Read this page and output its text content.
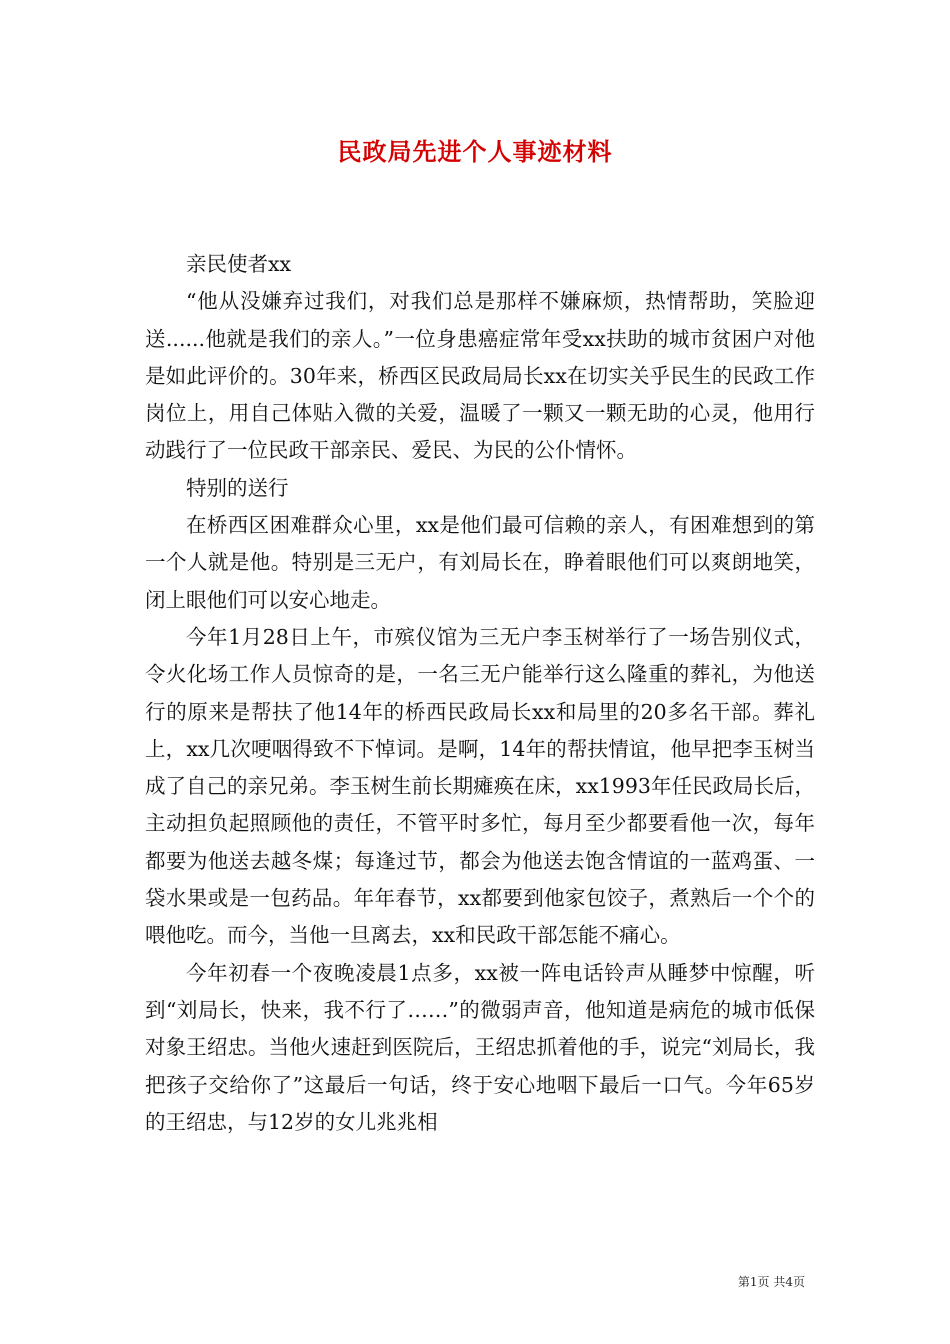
民政局先进个人事迹材料

亲民使者xx

“他从没嫌弃过我们，对我们总是那样不嫌麻烦，热情帮助，笑脸迎送......他就是我们的亲人。”一位身患癌症常年受xx扶助的城市贫困户对他是如此评价的。30年来，桥西区民政局局长xx在切实关乎民生的民政工作岗位上，用自己体贴入微的关爱，温暖了一颗又一颗无助的心灵，他用行动践行了一位民政干部亲民、爱民、为民的公仆情怀。

特别的送行

在桥西区困难群众心里，xx是他们最可信赖的亲人，有困难想到的第一个人就是他。特别是三无户，有刘局长在，睁着眼他们可以爽朗地笑，闭上眼他们可以安心地走。

今年1月28日上午，市殡仪馆为三无户李玉树举行了一场告别仪式，令火化场工作人员惊奇的是，一名三无户能举行这么隆重的葬礼，为他送行的原来是帮扶了他14年的桥西民政局长xx和局里的20多名干部。葬礼上，xx几次哽咽得致不下悼词。是啊，14年的帮扶情谊，他早把李玉树当成了自己的亲兄弟。李玉树生前长期瘫痪在床，xx1993年任民政局长后，主动担负起照顾他的责任，不管平时多忙，每月至少都要看他一次，每年都要为他送去越冬煤；每逢过节，都会为他送去饱含情谊的一蓝鸡蛋、一袋水果或是一包药品。年年春节，xx都要到他家包饺子，煮熟后一个个的喂他吃。而今，当他一旦离去，xx和民政干部怎能不痛心。

今年初春一个夜晚凌晨1点多，xx被一阵电话铃声从睡梦中惊醒，听到“刘局长，快来，我不行了……”的微弱声音，他知道是病危的城市低保对象王绍忠。当他火速赶到医院后，王绍忠抓着他的手，说完“刘局长，我把孩子交给你了”这最后一句话，终于安心地咽下最后一口气。今年65岁的王绍忠，与12岁的女儿兆兆相

第1页 共4页
